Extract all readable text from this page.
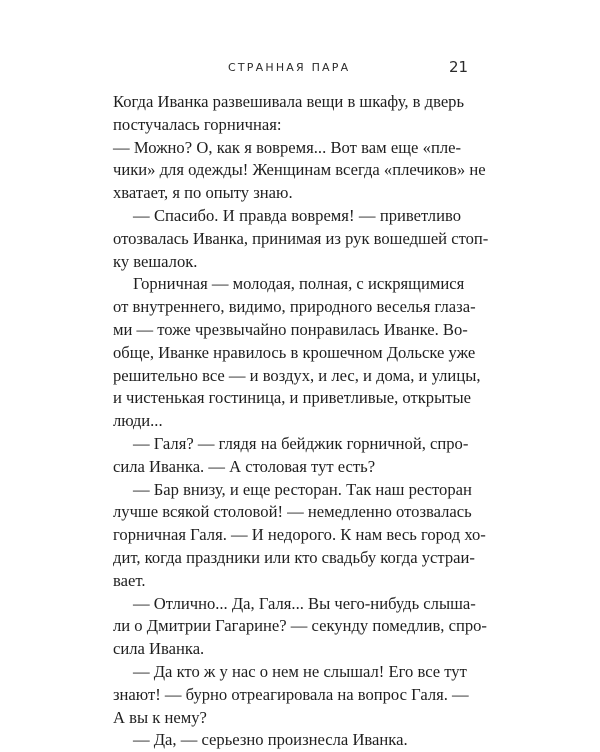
СТРАННАЯ ПАРА	21
Когда Иванка развешивала вещи в шкафу, в дверь
постучалась горничная:
— Можно? О, как я вовремя... Вот вам еще «пле-
чики» для одежды! Женщинам всегда «плечиков» не
хватает, я по опыту знаю.
— Спасибо. И правда вовремя! — приветливо
отозвалась Иванка, принимая из рук вошедшей стоп-
ку вешалок.
Горничная — молодая, полная, с искрящимися
от внутреннего, видимо, природного веселья глаза-
ми — тоже чрезвычайно понравилась Иванке. Во-
обще, Иванке нравилось в крошечном Дольске уже
решительно все — и воздух, и лес, и дома, и улицы,
и чистенькая гостиница, и приветливые, открытые
люди...
— Галя? — глядя на бейджик горничной, спро-
сила Иванка. — А столовая тут есть?
— Бар внизу, и еще ресторан. Так наш ресторан
лучше всякой столовой! — немедленно отозвалась
горничная Галя. — И недорого. К нам весь город хо-
дит, когда праздники или кто свадьбу когда устраи-
вает.
— Отлично... Да, Галя... Вы чего-нибудь слыша-
ли о Дмитрии Гагарине? — секунду помедлив, спро-
сила Иванка.
— Да кто ж у нас о нем не слышал! Его все тут
знают! — бурно отреагировала на вопрос Галя. —
А вы к нему?
— Да, — серьезно произнесла Иванка.
